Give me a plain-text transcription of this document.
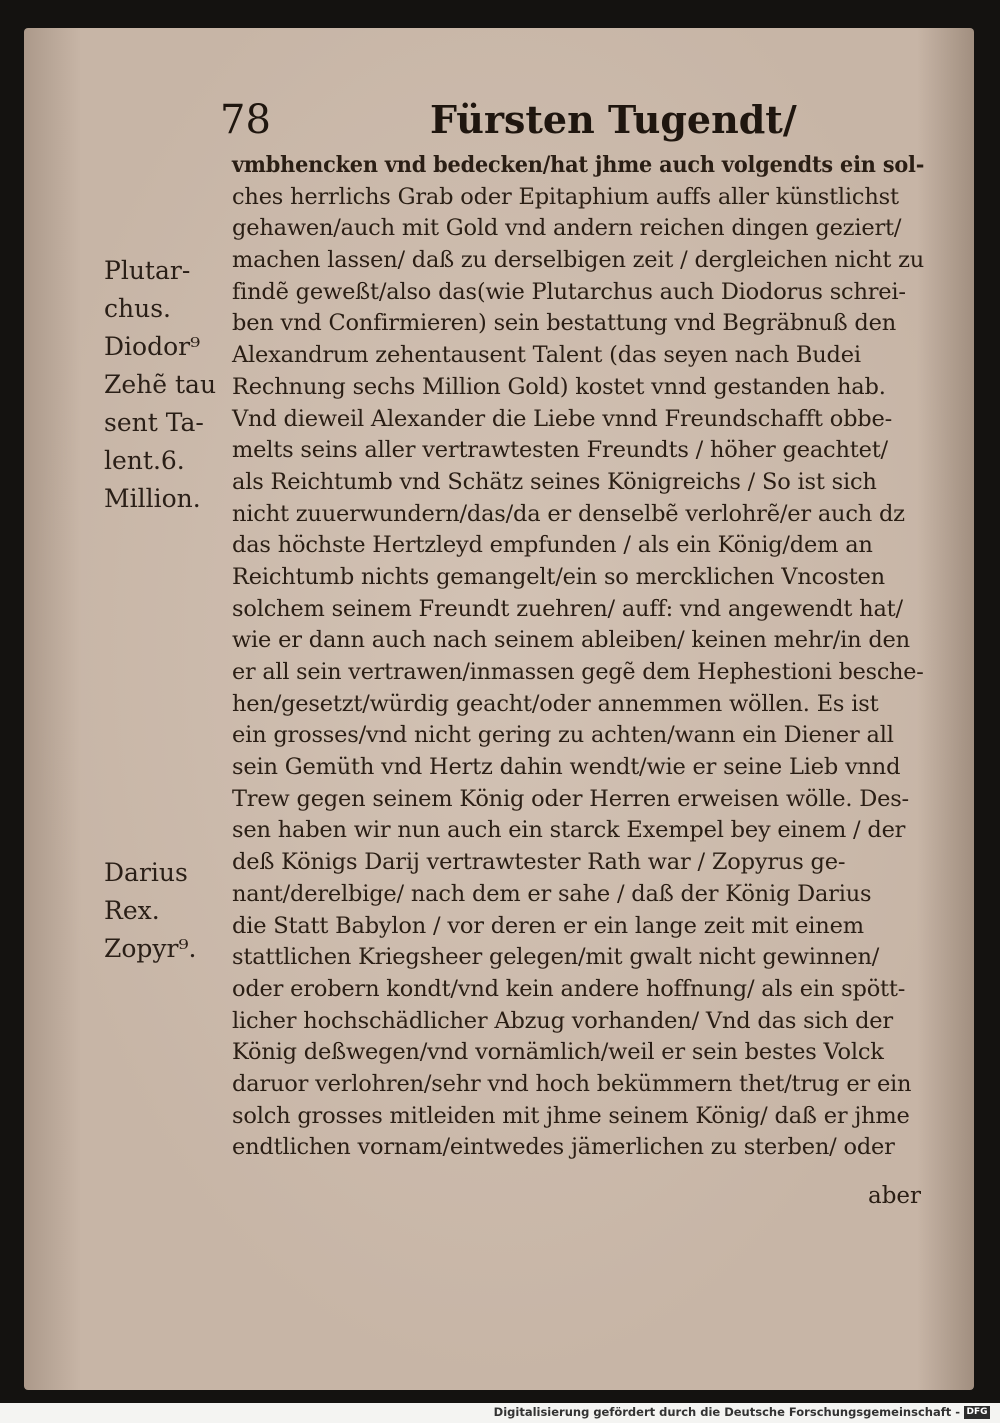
78	Fürsten Tugendt/
Plutar-
chus.
Diodor⁹
Zehẽ tau
sent Ta-
lent.6.
Million.
Darius
Rex.
Zopyr⁹.
vmbhencken vnd bedecken/hat jhme auch volgendts ein sol-
ches herrlichs Grab oder Epitaphium auffs aller künstlichst
gehawen/auch mit Gold vnd andern reichen dingen geziert/
machen lassen/ daß zu derselbigen zeit / dergleichen nicht zu
findẽ geweßt/also das(wie Plutarchus auch Diodorus schrei-
ben vnd Confirmieren) sein bestattung vnd Begräbnuß den
Alexandrum zehentausent Talent (das seyen nach Budei
Rechnung sechs Million Gold) kostet vnnd gestanden hab.
Vnd dieweil Alexander die Liebe vnnd Freundschafft obbe-
melts seins aller vertrawtesten Freundts / höher geachtet/
als Reichtumb vnd Schätz seines Königreichs / So ist sich
nicht zuuerwundern/das/da er denselbẽ verlohrẽ/er auch dz
das höchste Hertzleyd empfunden / als ein König/dem an
Reichtumb nichts gemangelt/ein so mercklichen Vncosten
solchem seinem Freundt zuehren/ auff: vnd angewendt hat/
wie er dann auch nach seinem ableiben/ keinen mehr/in den
er all sein vertrawen/inmassen gegẽ dem Hephestioni besche-
hen/gesetzt/würdig geacht/oder annemmen wöllen. Es ist
ein grosses/vnd nicht gering zu achten/wann ein Diener all
sein Gemüth vnd Hertz dahin wendt/wie er seine Lieb vnnd
Trew gegen seinem König oder Herren erweisen wölle. Des-
sen haben wir nun auch ein starck Exempel bey einem / der
deß Königs Darij vertrawtester Rath war / Zopyrus ge-
nant/derelbige/ nach dem er sahe / daß der König Darius
die Statt Babylon / vor deren er ein lange zeit mit einem
stattlichen Kriegsheer gelegen/mit gwalt nicht gewinnen/
oder erobern kondt/vnd kein andere hoffnung/ als ein spött-
licher hochschädlicher Abzug vorhanden/ Vnd das sich der
König deßwegen/vnd vornämlich/weil er sein bestes Volck
daruor verlohren/sehr vnd hoch bekümmern thet/trug er ein
solch grosses mitleiden mit jhme seinem König/ daß er jhme
endtlichen vornam/eintwedes jämerlichen zu sterben/ oder
aber
Digitalisierung gefördert durch die Deutsche Forschungsgemeinschaft - DFG
